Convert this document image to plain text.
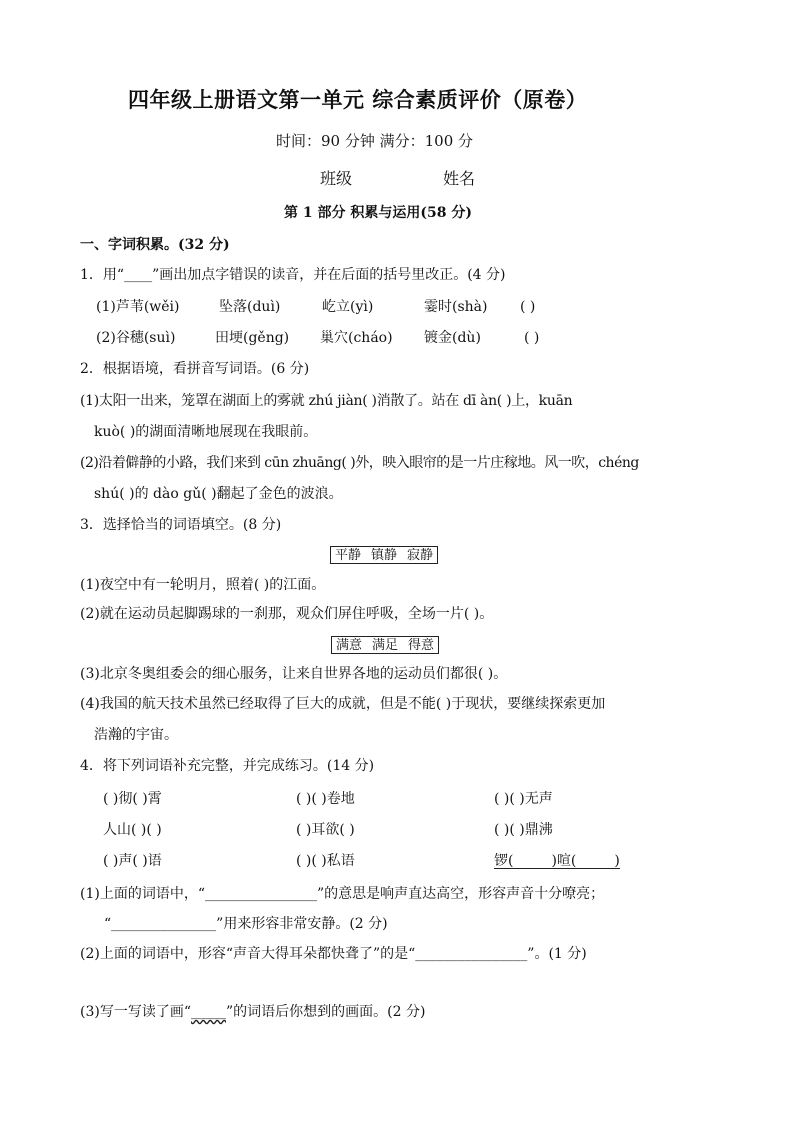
四年级上册语文第一单元 综合素质评价（原卷）
时间：90 分钟 满分：100 分
班级	姓名
第 1 部分 积累与运用(58 分)
一、字词积累。(32 分)
1．用“____”画出加点字错误的读音，并在后面的括号里改正。(4 分)
(1)芦苇(wěi)	坠落(duì)	屹立(yì)	霎时(shà) ( )
(2)谷穗(suì)	田埂(gěng) 巢穴(cháo) 镀金(dù)	( )
2．根据语境，看拼音写词语。(6 分)
(1)太阳一出来，笼罩在湖面上的雾就 zhú jiàn( )消散了。站在 dī àn( )上，kuān
kuò( )的湖面清晰地展现在我眼前。
(2)沿着僻静的小路，我们来到 cūn zhuāng( )外，映入眼帘的是一片庄稼地。风一吹，chéng
shú( )的 dào gǔ( )翻起了金色的波浪。
3．选择恰当的词语填空。(8 分)
平静 镇静 寂静
(1)夜空中有一轮明月，照着( )的江面。
(2)就在运动员起脚踢球的一刹那，观众们屏住呼吸，全场一片( )。
满意 满足 得意
(3)北京冬奥组委会的细心服务，让来自世界各地的运动员们都很( )。
(4)我国的航天技术虽然已经取得了巨大的成就，但是不能( )于现状，要继续探索更加
浩瀚的宇宙。
4．将下列词语补充完整，并完成练习。(14 分)
( )彻( )霄	( )( )卷地	( )( )无声
人山( )( )	( )耳欲( )	( )( )鼎沸
( )声( )语	( )( )私语	锣(	)喧(	)
(1)上面的词语中，“________________”的意思是响声直达高空，形容声音十分嘹亮；
“_______________”用来形容非常安静。(2 分)
(2)上面的词语中，形容“声音大得耳朵都快聋了”的是“________________”。(1 分)
(3)写一写读了画“_____”的词语后你想到的画面。(2 分)
